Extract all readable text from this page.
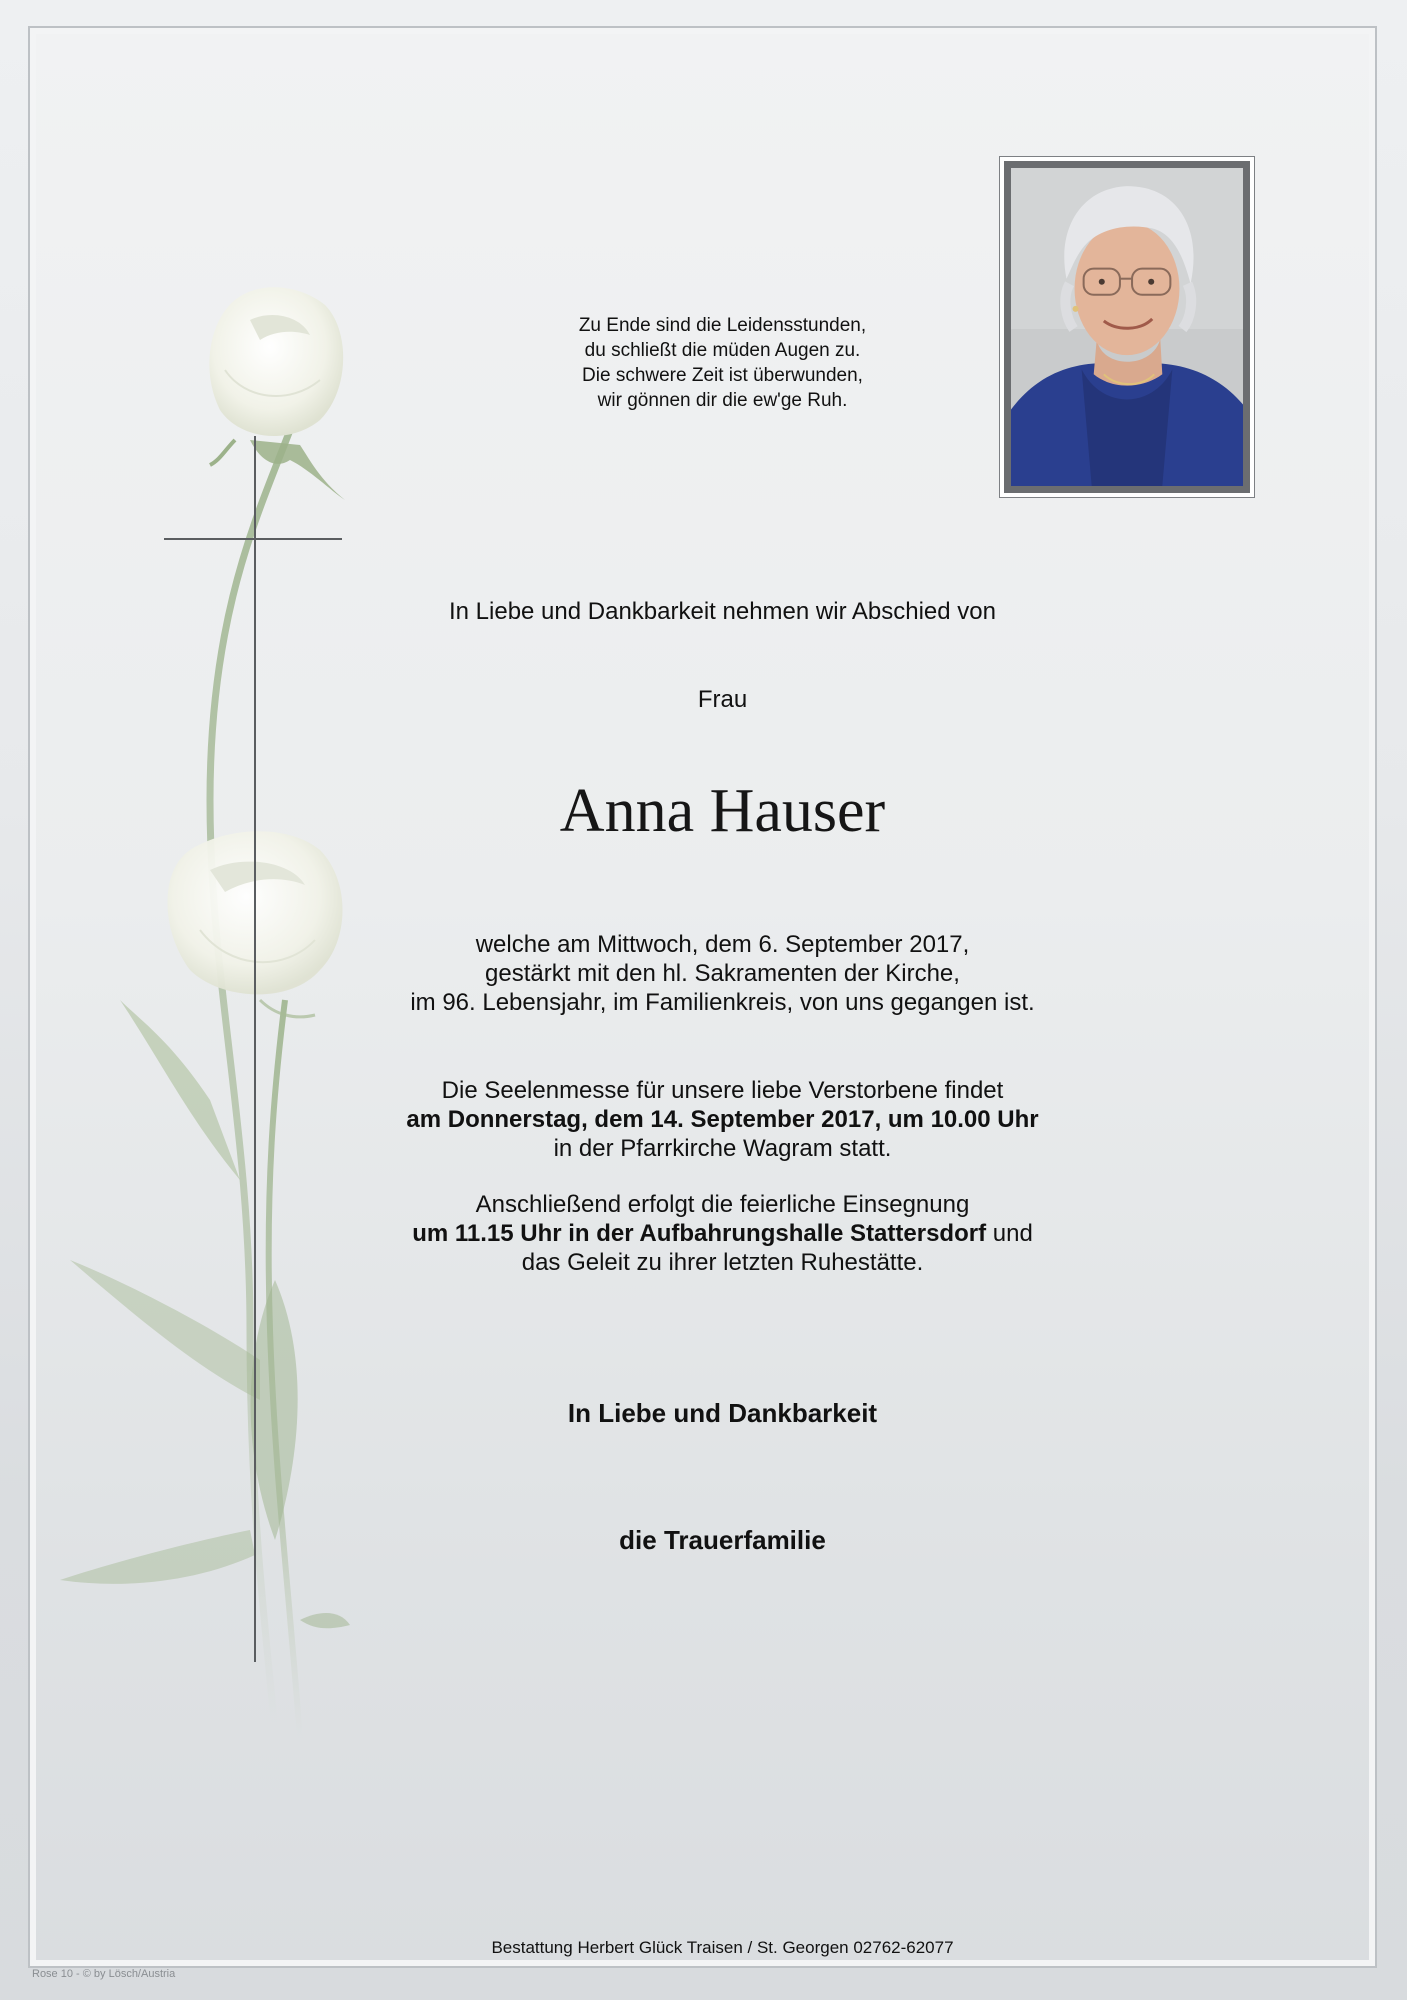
Zu Ende sind die Leidensstunden,
du schließt die müden Augen zu.
Die schwere Zeit ist überwunden,
wir gönnen dir die ew'ge Ruh.
In Liebe und Dankbarkeit nehmen wir Abschied von
Frau
Anna Hauser
welche am Mittwoch, dem 6. September 2017,
gestärkt mit den hl. Sakramenten der Kirche,
im 96. Lebensjahr, im Familienkreis, von uns gegangen ist.
Die Seelenmesse für unsere liebe Verstorbene findet
am Donnerstag, dem 14. September 2017, um 10.00 Uhr
in der Pfarrkirche Wagram statt.
Anschließend erfolgt die feierliche Einsegnung
um 11.15 Uhr in der Aufbahrungshalle Stattersdorf und
das Geleit zu ihrer letzten Ruhestätte.
In Liebe und Dankbarkeit
die Trauerfamilie
Bestattung Herbert Glück Traisen / St. Georgen 02762-62077
Rose 10 - © by Lösch/Austria
